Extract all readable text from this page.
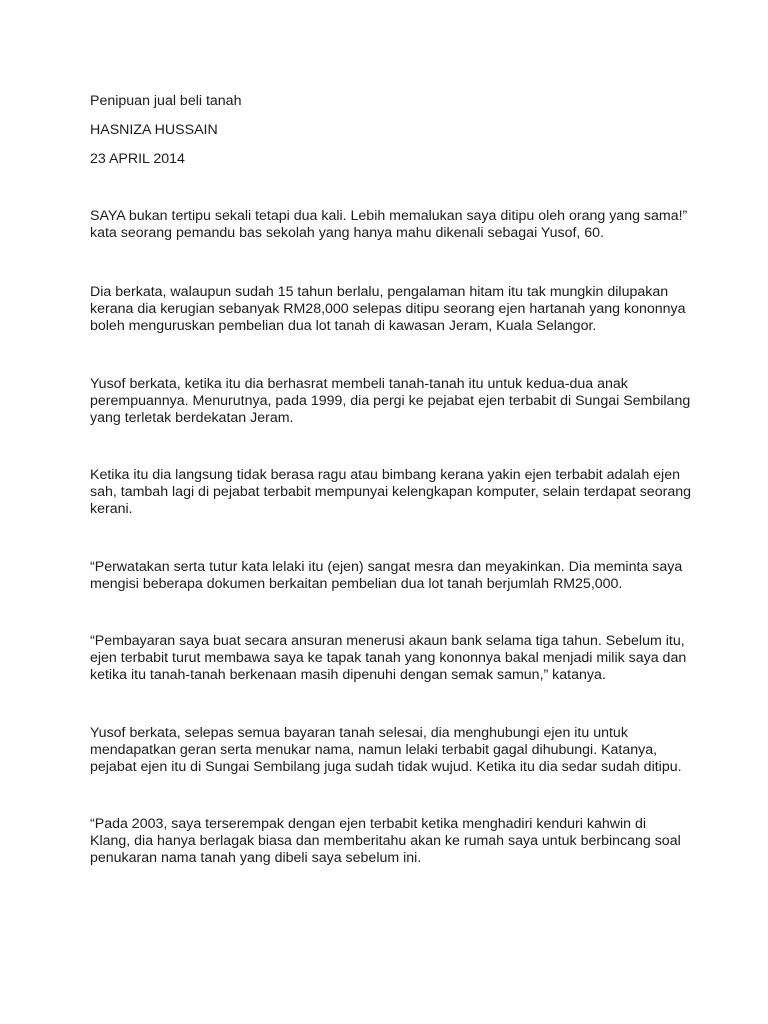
Penipuan jual beli tanah

HASNIZA HUSSAIN

23 APRIL 2014

SAYA bukan tertipu sekali tetapi dua kali. Lebih memalukan saya ditipu oleh orang yang sama!”
kata seorang pemandu bas sekolah yang hanya mahu dikenali sebagai Yusof, 60.
Dia berkata, walaupun sudah 15 tahun berlalu, pengalaman hitam itu tak mungkin dilupakan
kerana dia kerugian sebanyak RM28,000 selepas ditipu seorang ejen hartanah yang kononnya
boleh menguruskan pembelian dua lot tanah di kawasan Jeram, Kuala Selangor.
Yusof berkata, ketika itu dia berhasrat membeli tanah-tanah itu untuk kedua-dua anak
perempuannya. Menurutnya, pada 1999, dia pergi ke pejabat ejen terbabit di Sungai Sembilang
yang terletak berdekatan Jeram.
Ketika itu dia langsung tidak berasa ragu atau bimbang kerana yakin ejen terbabit adalah ejen
sah, tambah lagi di pejabat terbabit mempunyai kelengkapan komputer, selain terdapat seorang
kerani.
“Perwatakan serta tutur kata lelaki itu (ejen) sangat mesra dan meyakinkan. Dia meminta saya
mengisi beberapa dokumen berkaitan pembelian dua lot tanah berjumlah RM25,000.
“Pembayaran saya buat secara ansuran menerusi akaun bank selama tiga tahun. Sebelum itu,
ejen terbabit turut membawa saya ke tapak tanah yang kononnya bakal menjadi milik saya dan
ketika itu tanah-tanah berkenaan masih dipenuhi dengan semak samun,” katanya.
Yusof berkata, selepas semua bayaran tanah selesai, dia menghubungi ejen itu untuk
mendapatkan geran serta menukar nama, namun lelaki terbabit gagal dihubungi. Katanya,
pejabat ejen itu di Sungai Sembilang juga sudah tidak wujud. Ketika itu dia sedar sudah ditipu.
“Pada 2003, saya terserempak dengan ejen terbabit ketika menghadiri kenduri kahwin di
Klang, dia hanya berlagak biasa dan memberitahu akan ke rumah saya untuk berbincang soal
penukaran nama tanah yang dibeli saya sebelum ini.
